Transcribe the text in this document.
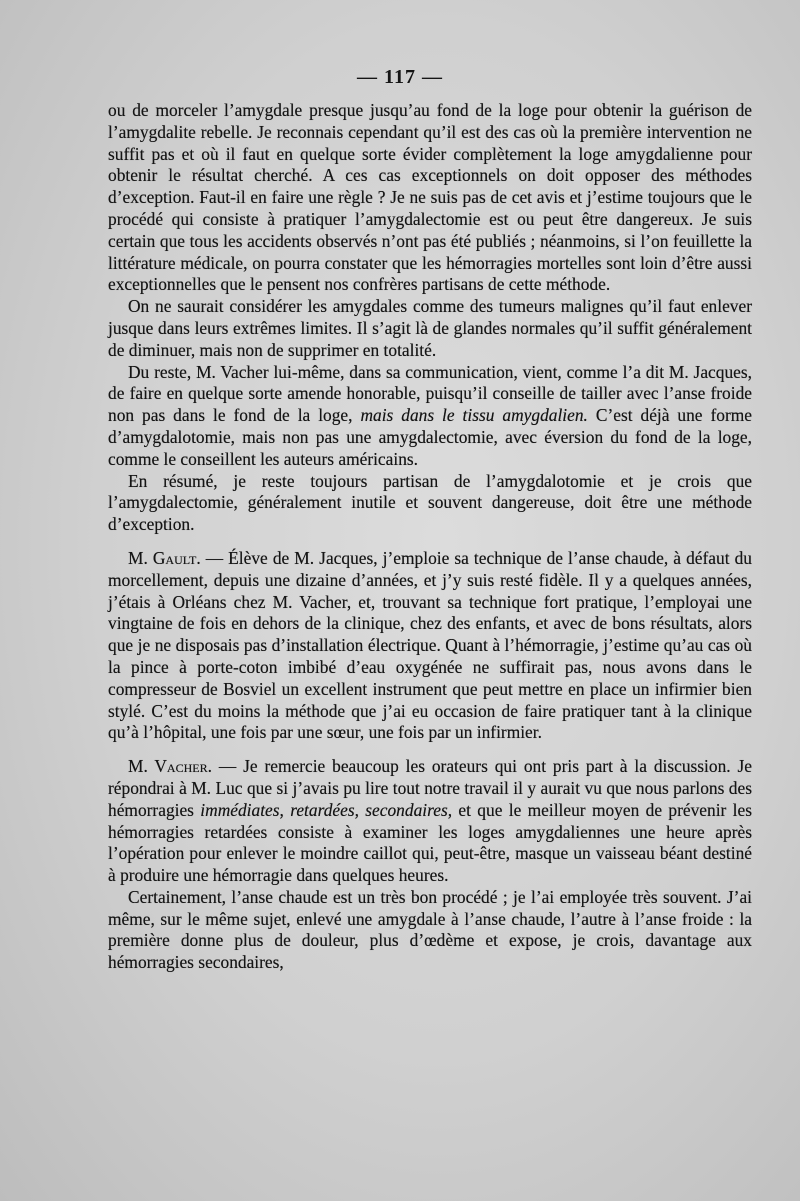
— 117 —

ou de morceler l’amygdale presque jusqu’au fond de la loge pour obtenir la guérison de l’amygdalite rebelle. Je reconnais cependant qu’il est des cas où la première intervention ne suffit pas et où il faut en quelque sorte évider complètement la loge amygdalienne pour obtenir le résultat cherché. A ces cas exceptionnels on doit opposer des méthodes d’exception. Faut-il en faire une règle ? Je ne suis pas de cet avis et j’estime toujours que le procédé qui consiste à pratiquer l’amygdalectomie est ou peut être dangereux. Je suis certain que tous les accidents observés n’ont pas été publiés ; néanmoins, si l’on feuillette la littérature médicale, on pourra constater que les hémorragies mortelles sont loin d’être aussi exceptionnelles que le pensent nos confrères partisans de cette méthode.

On ne saurait considérer les amygdales comme des tumeurs malignes qu’il faut enlever jusque dans leurs extrêmes limites. Il s’agit là de glandes normales qu’il suffit généralement de diminuer, mais non de supprimer en totalité.

Du reste, M. Vacher lui-même, dans sa communication, vient, comme l’a dit M. Jacques, de faire en quelque sorte amende honorable, puisqu’il conseille de tailler avec l’anse froide non pas dans le fond de la loge, mais dans le tissu amygdalien. C’est déjà une forme d’amygdalotomie, mais non pas une amygdalectomie, avec éversion du fond de la loge, comme le conseillent les auteurs américains.

En résumé, je reste toujours partisan de l’amygdalotomie et je crois que l’amygdalectomie, généralement inutile et souvent dangereuse, doit être une méthode d’exception.

M. Gault. — Élève de M. Jacques, j’emploie sa technique de l’anse chaude, à défaut du morcellement, depuis une dizaine d’années, et j’y suis resté fidèle. Il y a quelques années, j’étais à Orléans chez M. Vacher, et, trouvant sa technique fort pratique, l’employai une vingtaine de fois en dehors de la clinique, chez des enfants, et avec de bons résultats, alors que je ne disposais pas d’installation électrique. Quant à l’hémorragie, j’estime qu’au cas où la pince à porte-coton imbibé d’eau oxygénée ne suffirait pas, nous avons dans le compresseur de Bosviel un excellent instrument que peut mettre en place un infirmier bien stylé. C’est du moins la méthode que j’ai eu occasion de faire pratiquer tant à la clinique qu’à l’hôpital, une fois par une sœur, une fois par un infirmier.

M. Vacher. — Je remercie beaucoup les orateurs qui ont pris part à la discussion. Je répondrai à M. Luc que si j’avais pu lire tout notre travail il y aurait vu que nous parlons des hémorragies immédiates, retardées, secondaires, et que le meilleur moyen de prévenir les hémorragies retardées consiste à examiner les loges amygdaliennes une heure après l’opération pour enlever le moindre caillot qui, peut-être, masque un vaisseau béant destiné à produire une hémorragie dans quelques heures.

Certainement, l’anse chaude est un très bon procédé ; je l’ai employée très souvent. J’ai même, sur le même sujet, enlevé une amygdale à l’anse chaude, l’autre à l’anse froide : la première donne plus de douleur, plus d’œdème et expose, je crois, davantage aux hémorragies secondaires,
